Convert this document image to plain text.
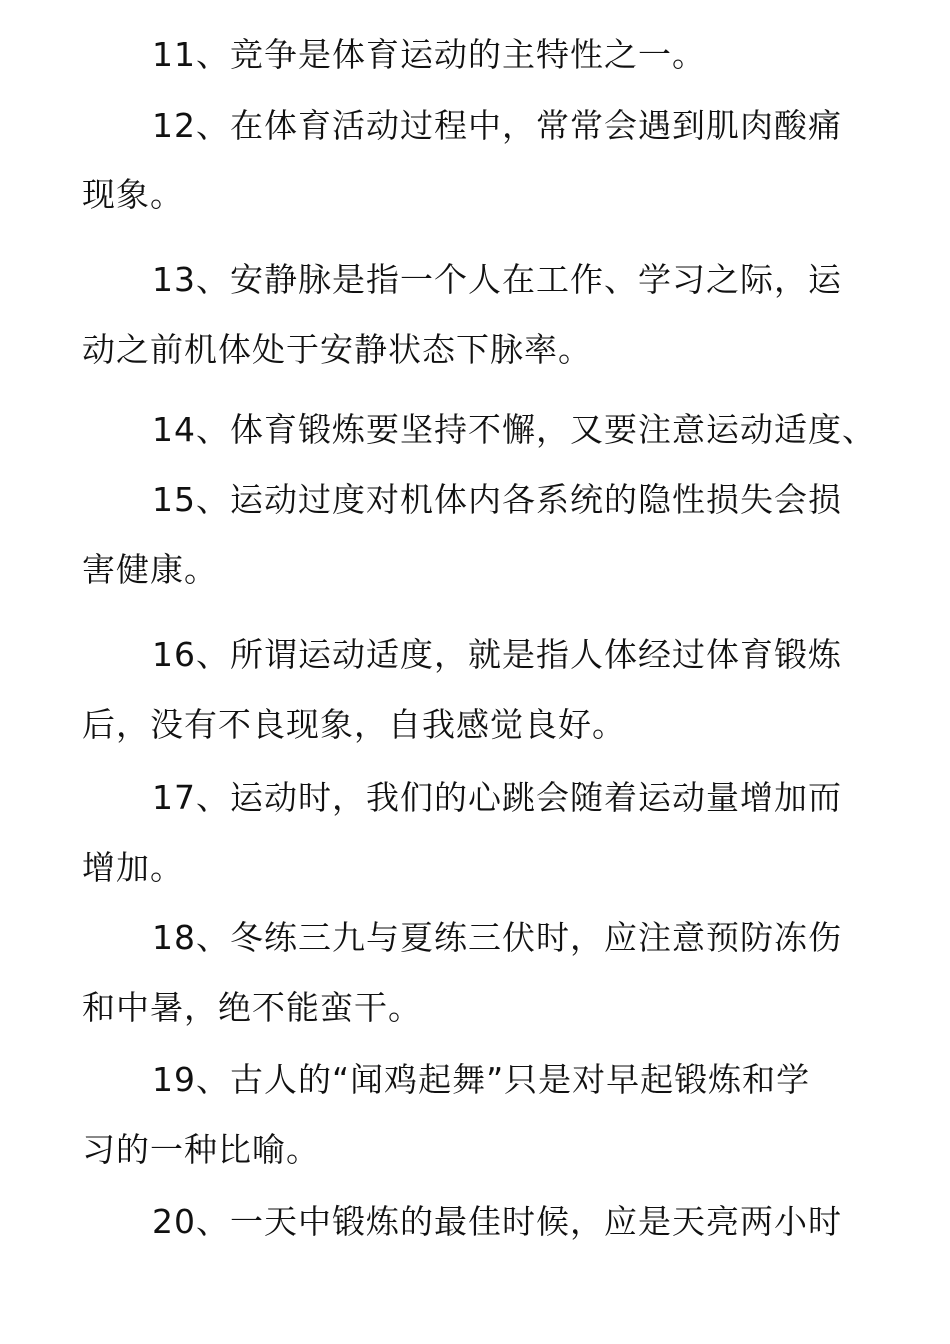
11、竞争是体育运动的主特性之一。
12、在体育活动过程中，常常会遇到肌肉酸痛
现象。
13、安静脉是指一个人在工作、学习之际，运
动之前机体处于安静状态下脉率。
14、体育锻炼要坚持不懈，又要注意运动适度、
15、运动过度对机体内各系统的隐性损失会损
害健康。
16、所谓运动适度，就是指人体经过体育锻炼
后，没有不良现象，自我感觉良好。
17、运动时，我们的心跳会随着运动量增加而
增加。
18、冬练三九与夏练三伏时，应注意预防冻伤
和中暑，绝不能蛮干。
19、古人的“闻鸡起舞”只是对早起锻炼和学
习的一种比喻。
20、一天中锻炼的最佳时候，应是天亮两小时
